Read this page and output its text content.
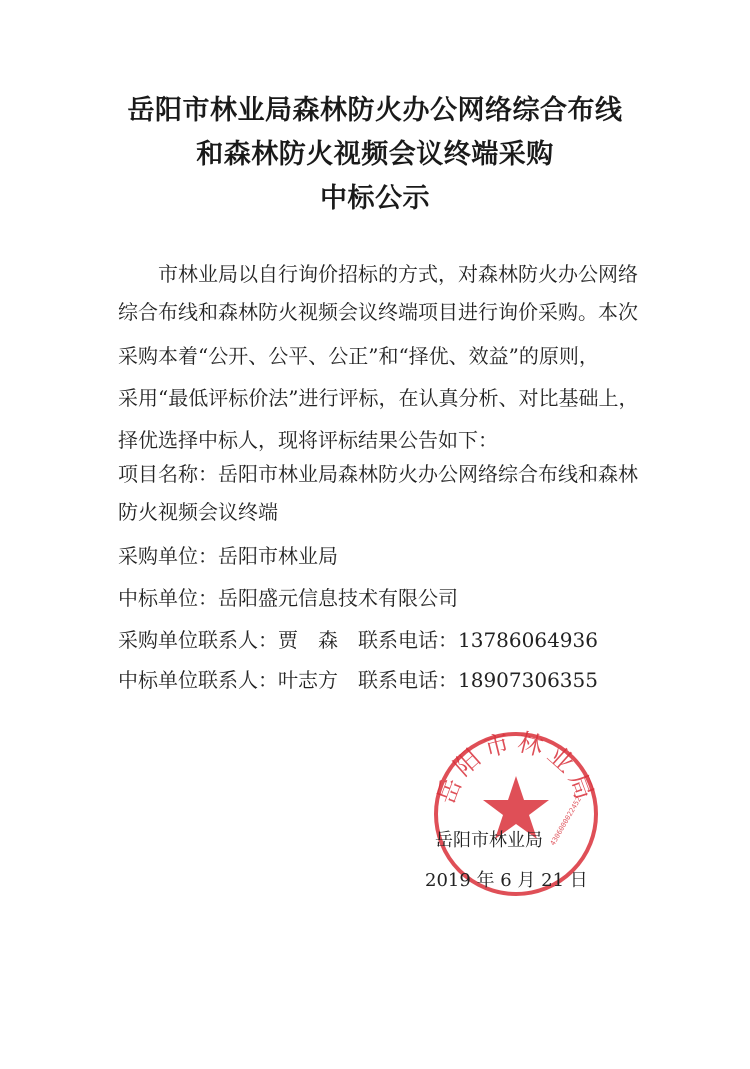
岳阳市林业局森林防火办公网络综合布线
和森林防火视频会议终端采购
中标公示
市林业局以自行询价招标的方式，对森林防火办公网络
综合布线和森林防火视频会议终端项目进行询价采购。本次
采购本着“公开、公平、公正”和“择优、效益”的原则，
采用“最低评标价法”进行评标，在认真分析、对比基础上，
择优选择中标人，现将评标结果公告如下：
项目名称：岳阳市林业局森林防火办公网络综合布线和森林
防火视频会议终端
采购单位：岳阳市林业局
中标单位：岳阳盛元信息技术有限公司
采购单位联系人：贾　森　联系电话：13786064936
中标单位联系人：叶志方　联系电话：18907306355
岳阳市林业局
4306000022452
岳阳市林业局
2019 年 6 月 21 日
